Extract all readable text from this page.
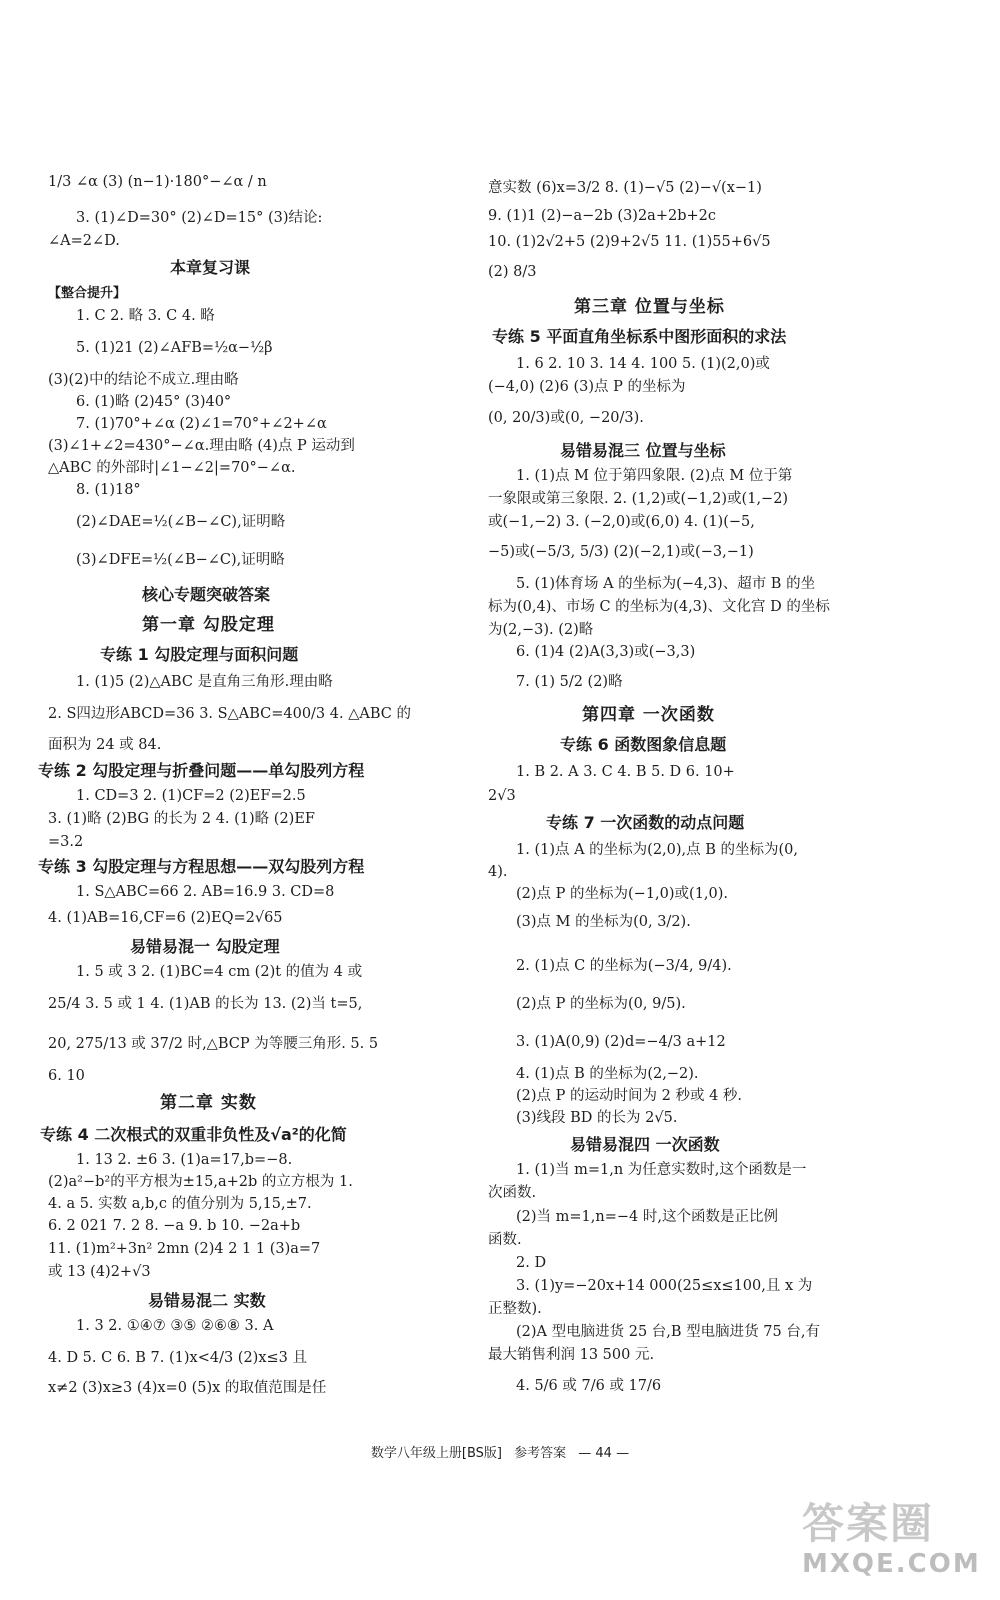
1/3 ∠α (3) (n−1)·180°−∠α / n
3. (1)∠D=30° (2)∠D=15° (3)结论:
∠A=2∠D.
本章复习课
【整合提升】
1. C 2. 略 3. C 4. 略
5. (1)21 (2)∠AFB=½α−½β
(3)(2)中的结论不成立.理由略
6. (1)略 (2)45° (3)40°
7. (1)70°+∠α (2)∠1=70°+∠2+∠α
(3)∠1+∠2=430°−∠α.理由略 (4)点 P 运动到
△ABC 的外部时|∠1−∠2|=70°−∠α.
8. (1)18°
(2)∠DAE=½(∠B−∠C),证明略
(3)∠DFE=½(∠B−∠C),证明略
核心专题突破答案
第一章 勾股定理
专练 1 勾股定理与面积问题
1. (1)5 (2)△ABC 是直角三角形.理由略
2. S四边形ABCD=36 3. S△ABC=400/3 4. △ABC 的
面积为 24 或 84.
专练 2 勾股定理与折叠问题——单勾股列方程
1. CD=3 2. (1)CF=2 (2)EF=2.5
3. (1)略 (2)BG 的长为 2 4. (1)略 (2)EF
=3.2
专练 3 勾股定理与方程思想——双勾股列方程
1. S△ABC=66 2. AB=16.9 3. CD=8
4. (1)AB=16,CF=6 (2)EQ=2√65
易错易混一 勾股定理
1. 5 或 3 2. (1)BC=4 cm (2)t 的值为 4 或
25/4 3. 5 或 1 4. (1)AB 的长为 13. (2)当 t=5,
20, 275/13 或 37/2 时,△BCP 为等腰三角形. 5. 5
6. 10
第二章 实数
专练 4 二次根式的双重非负性及√a²的化简
1. 13 2. ±6 3. (1)a=17,b=−8.
(2)a²−b²的平方根为±15,a+2b 的立方根为 1.
4. a 5. 实数 a,b,c 的值分别为 5,15,±7.
6. 2 021 7. 2 8. −a 9. b 10. −2a+b
11. (1)m²+3n² 2mn (2)4 2 1 1 (3)a=7
或 13 (4)2+√3
易错易混二 实数
1. 3 2. ①④⑦ ③⑤ ②⑥⑧ 3. A
4. D 5. C 6. B 7. (1)x<4/3 (2)x≤3 且
x≠2 (3)x≥3 (4)x=0 (5)x 的取值范围是任
意实数 (6)x=3/2 8. (1)−√5 (2)−√(x−1)
9. (1)1 (2)−a−2b (3)2a+2b+2c
10. (1)2√2+5 (2)9+2√5 11. (1)55+6√5
(2) 8/3
第三章 位置与坐标
专练 5 平面直角坐标系中图形面积的求法
1. 6 2. 10 3. 14 4. 100 5. (1)(2,0)或
(−4,0) (2)6 (3)点 P 的坐标为
(0, 20/3)或(0, −20/3).
易错易混三 位置与坐标
1. (1)点 M 位于第四象限. (2)点 M 位于第
一象限或第三象限. 2. (1,2)或(−1,2)或(1,−2)
或(−1,−2) 3. (−2,0)或(6,0) 4. (1)(−5,
−5)或(−5/3, 5/3) (2)(−2,1)或(−3,−1)
5. (1)体育场 A 的坐标为(−4,3)、超市 B 的坐
标为(0,4)、市场 C 的坐标为(4,3)、文化宫 D 的坐标
为(2,−3). (2)略
6. (1)4 (2)A(3,3)或(−3,3)
7. (1) 5/2 (2)略
第四章 一次函数
专练 6 函数图象信息题
1. B 2. A 3. C 4. B 5. D 6. 10+
2√3
专练 7 一次函数的动点问题
1. (1)点 A 的坐标为(2,0),点 B 的坐标为(0,
4).
(2)点 P 的坐标为(−1,0)或(1,0).
(3)点 M 的坐标为(0, 3/2).
2. (1)点 C 的坐标为(−3/4, 9/4).
(2)点 P 的坐标为(0, 9/5).
3. (1)A(0,9) (2)d=−4/3 a+12
4. (1)点 B 的坐标为(2,−2).
(2)点 P 的运动时间为 2 秒或 4 秒.
(3)线段 BD 的长为 2√5.
易错易混四 一次函数
1. (1)当 m=1,n 为任意实数时,这个函数是一
次函数.
(2)当 m=1,n=−4 时,这个函数是正比例
函数.
2. D
3. (1)y=−20x+14 000(25≤x≤100,且 x 为
正整数).
(2)A 型电脑进货 25 台,B 型电脑进货 75 台,有
最大销售利润 13 500 元.
4. 5/6 或 7/6 或 17/6
数学八年级上册[BS版] 参考答案 — 44 —
答案圈
MXQE.COM
